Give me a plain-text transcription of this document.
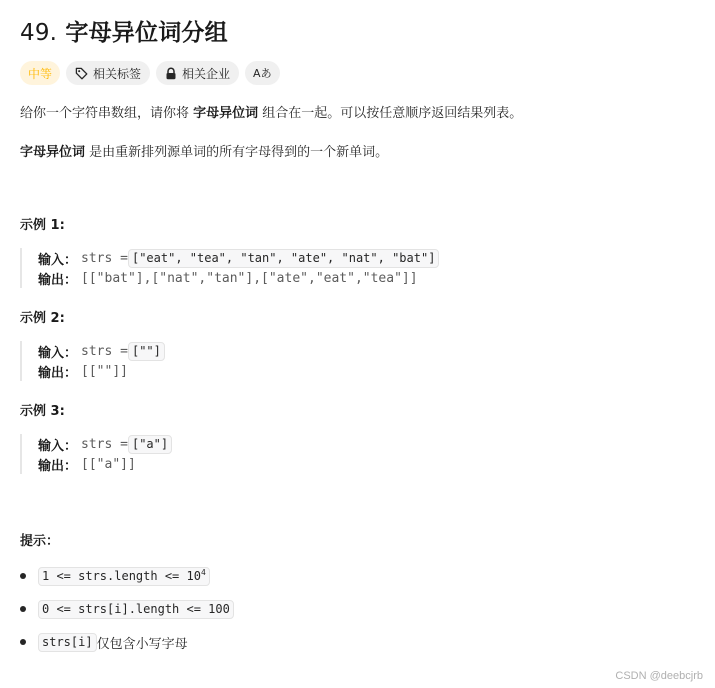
49. 字母异位词分组
中等	相关标签	相关企业	Aあ
给你一个字符串数组，请你将 字母异位词 组合在一起。可以按任意顺序返回结果列表。
字母异位词 是由重新排列源单词的所有字母得到的一个新单词。
示例 1:
输入： strs = ["eat", "tea", "tan", "ate", "nat", "bat"]
输出： [["bat"],["nat","tan"],["ate","eat","tea"]]
示例 2:
输入： strs = [""]
输出： [[""]]
示例 3:
输入： strs = ["a"]
输出： [["a"]]
提示：
1 <= strs.length <= $10^4$
0 <= strs[i].length <= 100
strs[i] 仅包含小写字母
CSDN @deebcjrb
